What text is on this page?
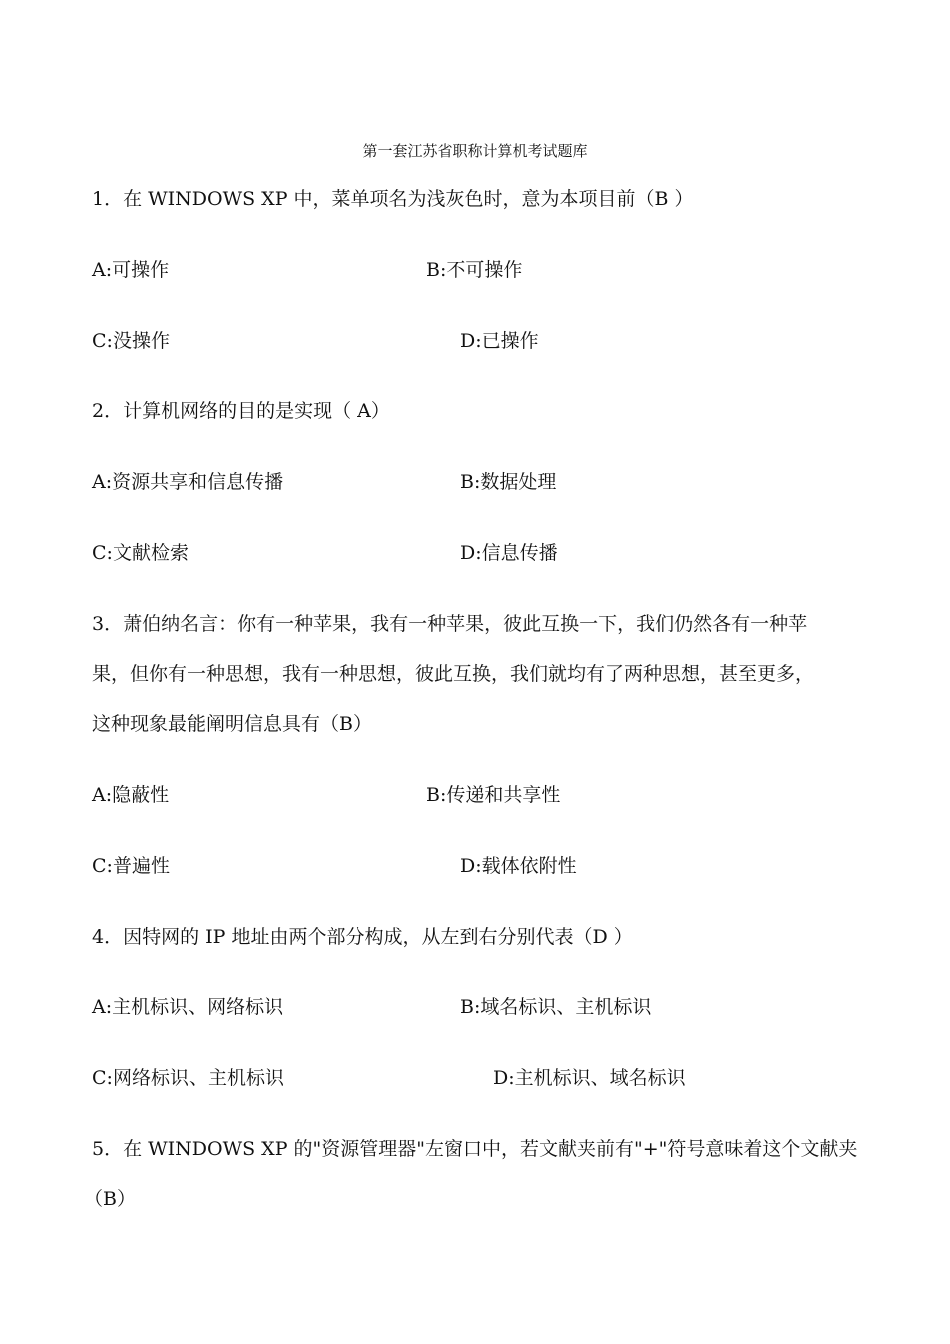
第一套江苏省职称计算机考试题库
1．在 WINDOWS XP 中，菜单项名为浅灰色时，意为本项目前（B ）
A:可操作	B:不可操作
C:没操作	D:已操作
2．计算机网络的目的是实现（ A）
A:资源共享和信息传播	B:数据处理
C:文献检索	D:信息传播
3．萧伯纳名言：你有一种苹果，我有一种苹果，彼此互换一下，我们仍然各有一种苹
果，但你有一种思想，我有一种思想，彼此互换，我们就均有了两种思想，甚至更多，
这种现象最能阐明信息具有（B）
A:隐蔽性	B:传递和共享性
C:普遍性	D:载体依附性
4．因特网的 IP 地址由两个部分构成，从左到右分别代表（D ）
A:主机标识、网络标识	B:域名标识、主机标识
C:网络标识、主机标识	D:主机标识、域名标识
5．在 WINDOWS XP 的"资源管理器"左窗口中，若文献夹前有"+"符号意味着这个文献夹
（B）
